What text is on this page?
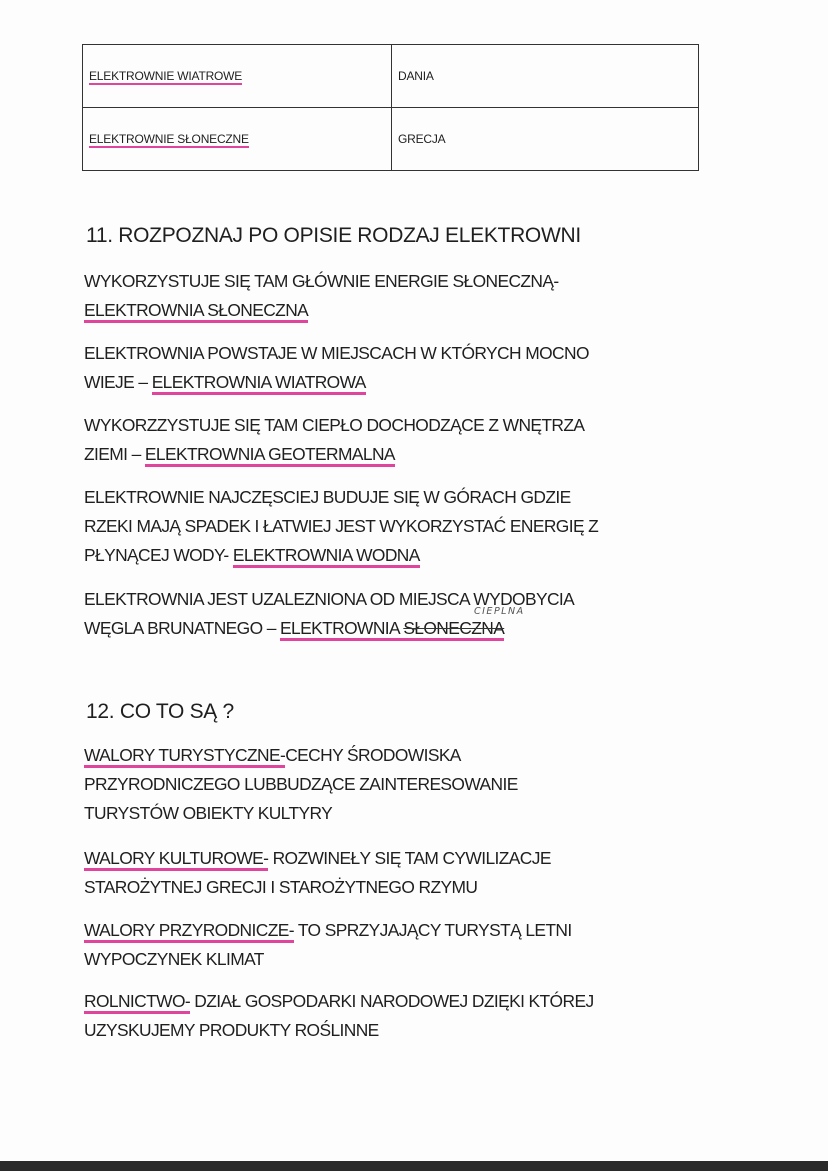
ELEKTROWNIE WIATROWE	DANIA
ELEKTROWNIE SŁONECZNE	GRECJA
11. ROZPOZNAJ PO OPISIE RODZAJ ELEKTROWNI
WYKORZYSTUJE SIĘ TAM GŁÓWNIE ENERGIE SŁONECZNĄ-
ELEKTROWNIA SŁONECZNA
ELEKTROWNIA POWSTAJE W MIEJSCACH W KTÓRYCH MOCNO
WIEJE – ELEKTROWNIA WIATROWA
WYKORZZYSTUJE SIĘ TAM CIEPŁO DOCHODZĄCE Z WNĘTRZA
ZIEMI – ELEKTROWNIA GEOTERMALNA
ELEKTROWNIE NAJCZĘSCIEJ BUDUJE SIĘ W GÓRACH GDZIE
RZEKI MAJĄ SPADEK I ŁATWIEJ JEST WYKORZYSTAĆ ENERGIĘ Z
PŁYNĄCEJ WODY- ELEKTROWNIA WODNA
ELEKTROWNIA JEST UZALEZNIONA OD MIEJSCA WYDOBYCIA
WĘGLA BRUNATNEGO – ELEKTROWNIA SŁONECZNA
CIEPLNA
12. CO TO SĄ ?
WALORY TURYSTYCZNE-CECHY ŚRODOWISKA
PRZYRODNICZEGO LUBBUDZĄCE ZAINTERESOWANIE
TURYSTÓW OBIEKTY KULTYRY
WALORY KULTUROWE- ROZWINEŁY SIĘ TAM CYWILIZACJE
STAROŻYTNEJ GRECJI I STAROŻYTNEGO RZYMU
WALORY PRZYRODNICZE- TO SPRZYJAJĄCY TURYSTĄ LETNI
WYPOCZYNEK KLIMAT
ROLNICTWO- DZIAŁ GOSPODARKI NARODOWEJ DZIĘKI KTÓREJ
UZYSKUJEMY PRODUKTY ROŚLINNE
